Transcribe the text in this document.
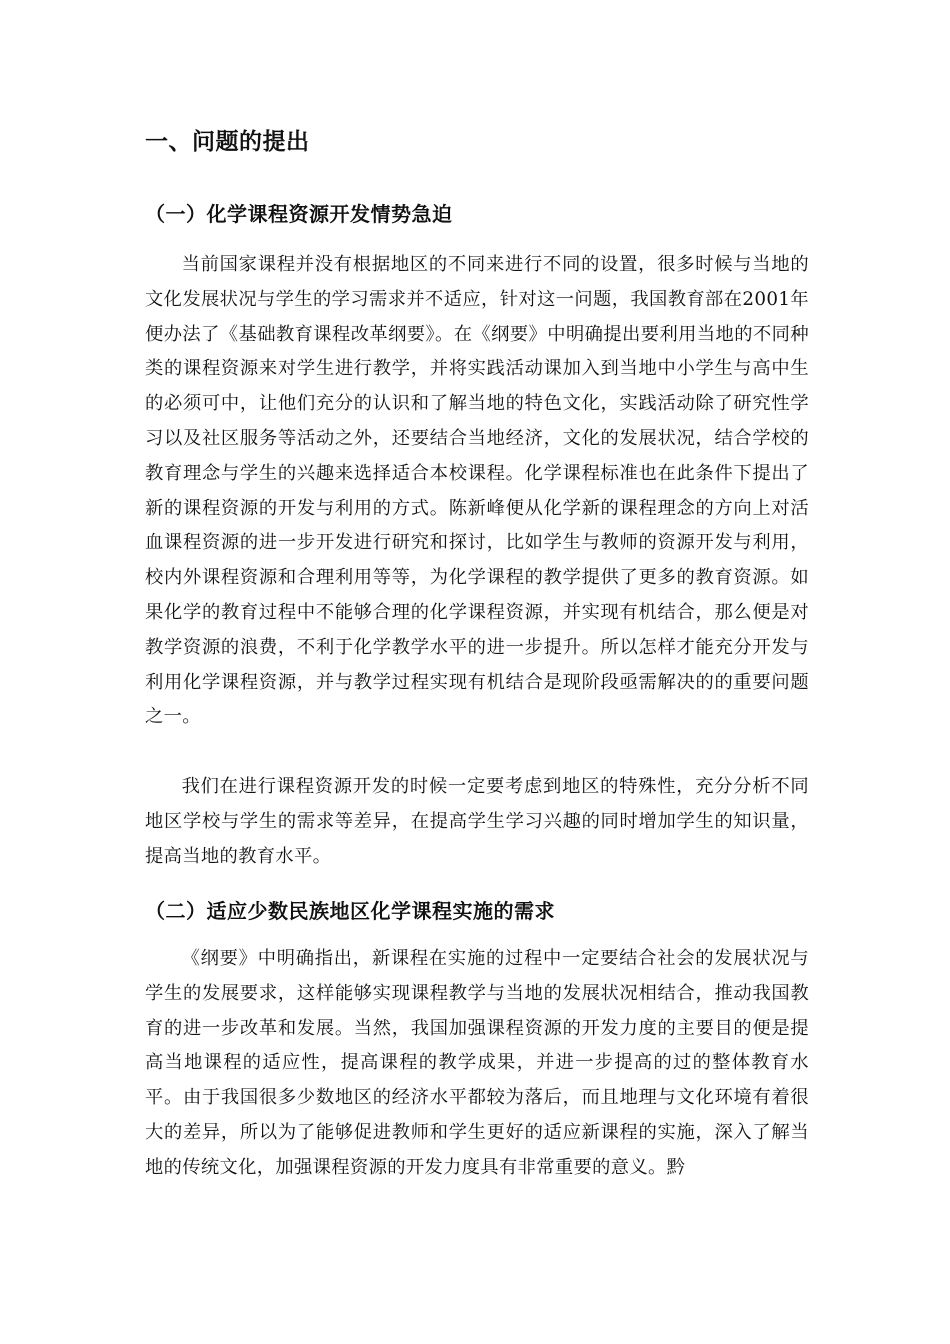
一、问题的提出
（一）化学课程资源开发情势急迫

当前国家课程并没有根据地区的不同来进行不同的设置，很多时候与当地的文化发展状况与学生的学习需求并不适应，针对这一问题，我国教育部在2001年便办法了《基础教育课程改革纲要》。在《纲要》中明确提出要利用当地的不同种类的课程资源来对学生进行教学，并将实践活动课加入到当地中小学生与高中生的必须可中，让他们充分的认识和了解当地的特色文化，实践活动除了研究性学习以及社区服务等活动之外，还要结合当地经济，文化的发展状况，结合学校的教育理念与学生的兴趣来选择适合本校课程。化学课程标准也在此条件下提出了新的课程资源的开发与利用的方式。陈新峰便从化学新的课程理念的方向上对活血课程资源的进一步开发进行研究和探讨，比如学生与教师的资源开发与利用，校内外课程资源和合理利用等等，为化学课程的教学提供了更多的教育资源。如果化学的教育过程中不能够合理的化学课程资源，并实现有机结合，那么便是对教学资源的浪费，不利于化学教学水平的进一步提升。所以怎样才能充分开发与利用化学课程资源，并与教学过程实现有机结合是现阶段亟需解决的的重要问题之一。

我们在进行课程资源开发的时候一定要考虑到地区的特殊性，充分分析不同地区学校与学生的需求等差异，在提高学生学习兴趣的同时增加学生的知识量，提高当地的教育水平。

（二）适应少数民族地区化学课程实施的需求

《纲要》中明确指出，新课程在实施的过程中一定要结合社会的发展状况与学生的发展要求，这样能够实现课程教学与当地的发展状况相结合，推动我国教育的进一步改革和发展。当然，我国加强课程资源的开发力度的主要目的便是提高当地课程的适应性，提高课程的教学成果，并进一步提高的过的整体教育水平。由于我国很多少数地区的经济水平都较为落后，而且地理与文化环境有着很大的差异，所以为了能够促进教师和学生更好的适应新课程的实施，深入了解当地的传统文化，加强课程资源的开发力度具有非常重要的意义。黔
